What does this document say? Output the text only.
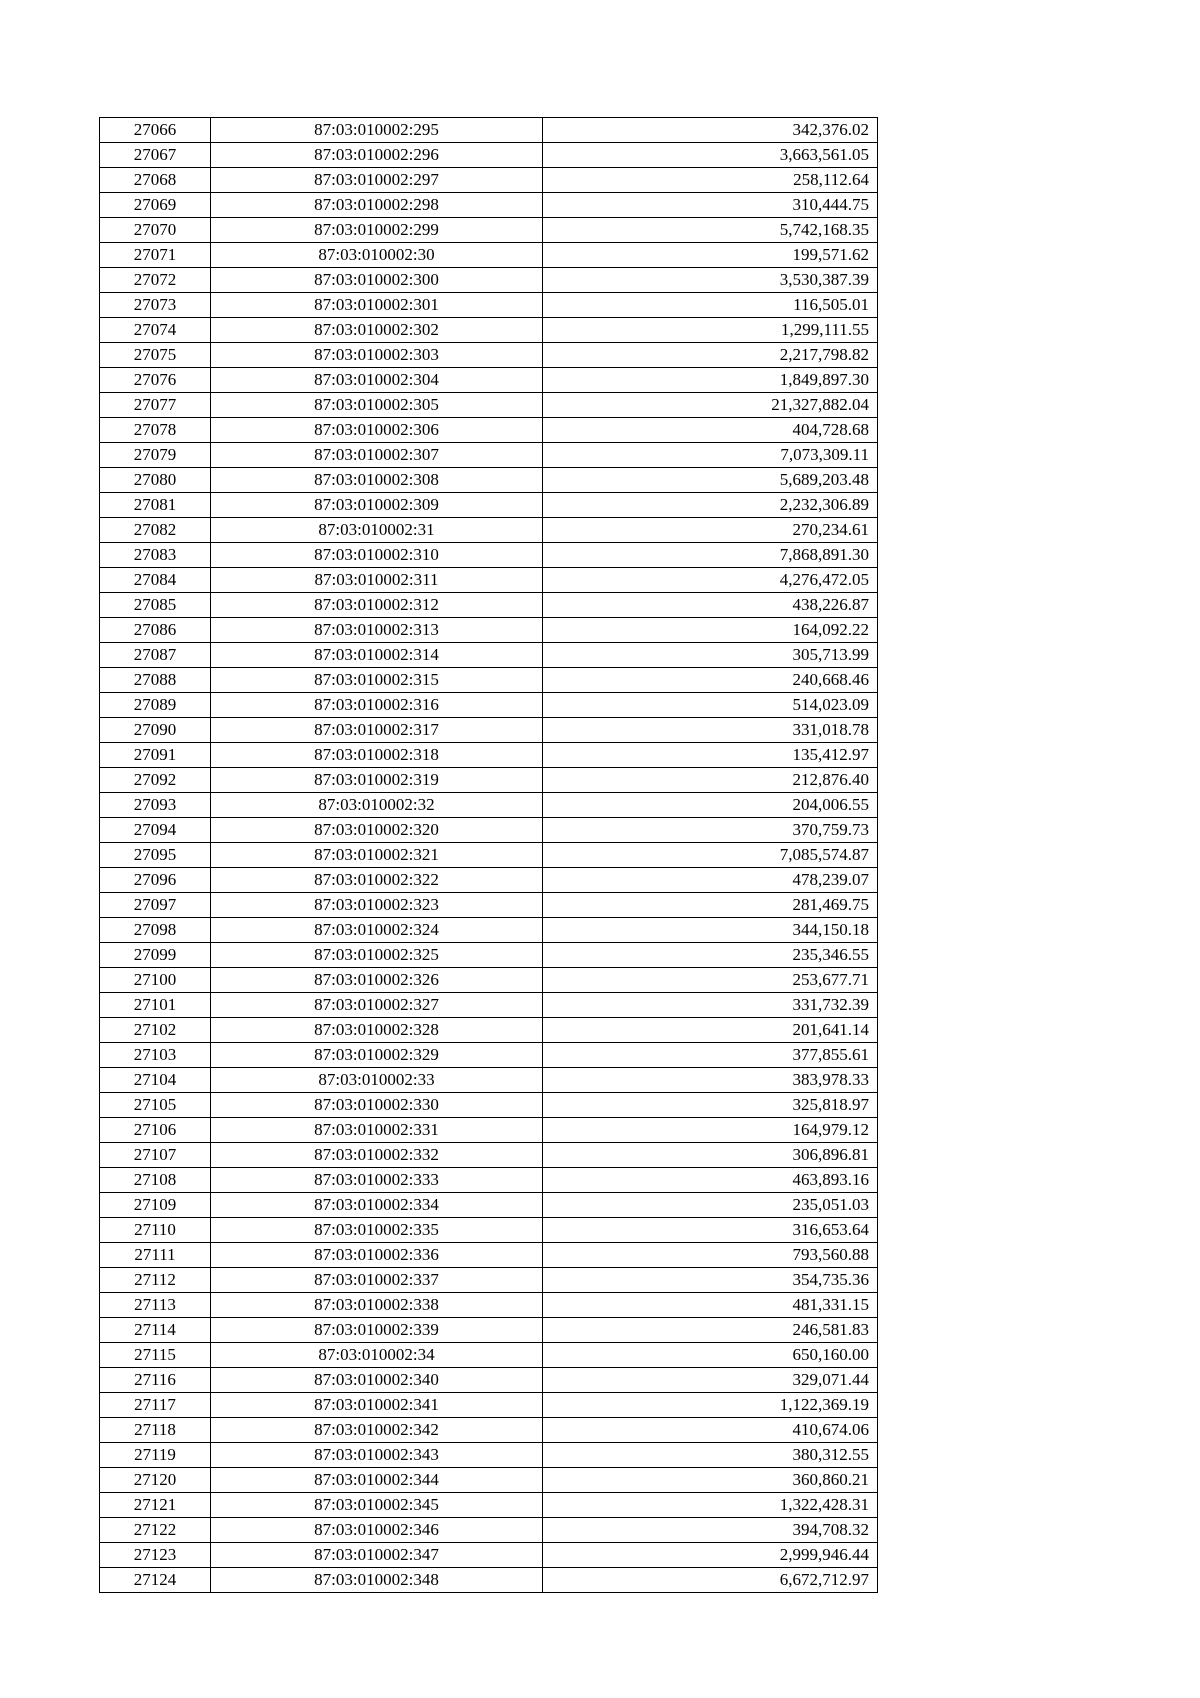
27066	87:03:010002:295	342,376.02
27067	87:03:010002:296	3,663,561.05
27068	87:03:010002:297	258,112.64
27069	87:03:010002:298	310,444.75
27070	87:03:010002:299	5,742,168.35
27071	87:03:010002:30	199,571.62
27072	87:03:010002:300	3,530,387.39
27073	87:03:010002:301	116,505.01
27074	87:03:010002:302	1,299,111.55
27075	87:03:010002:303	2,217,798.82
27076	87:03:010002:304	1,849,897.30
27077	87:03:010002:305	21,327,882.04
27078	87:03:010002:306	404,728.68
27079	87:03:010002:307	7,073,309.11
27080	87:03:010002:308	5,689,203.48
27081	87:03:010002:309	2,232,306.89
27082	87:03:010002:31	270,234.61
27083	87:03:010002:310	7,868,891.30
27084	87:03:010002:311	4,276,472.05
27085	87:03:010002:312	438,226.87
27086	87:03:010002:313	164,092.22
27087	87:03:010002:314	305,713.99
27088	87:03:010002:315	240,668.46
27089	87:03:010002:316	514,023.09
27090	87:03:010002:317	331,018.78
27091	87:03:010002:318	135,412.97
27092	87:03:010002:319	212,876.40
27093	87:03:010002:32	204,006.55
27094	87:03:010002:320	370,759.73
27095	87:03:010002:321	7,085,574.87
27096	87:03:010002:322	478,239.07
27097	87:03:010002:323	281,469.75
27098	87:03:010002:324	344,150.18
27099	87:03:010002:325	235,346.55
27100	87:03:010002:326	253,677.71
27101	87:03:010002:327	331,732.39
27102	87:03:010002:328	201,641.14
27103	87:03:010002:329	377,855.61
27104	87:03:010002:33	383,978.33
27105	87:03:010002:330	325,818.97
27106	87:03:010002:331	164,979.12
27107	87:03:010002:332	306,896.81
27108	87:03:010002:333	463,893.16
27109	87:03:010002:334	235,051.03
27110	87:03:010002:335	316,653.64
27111	87:03:010002:336	793,560.88
27112	87:03:010002:337	354,735.36
27113	87:03:010002:338	481,331.15
27114	87:03:010002:339	246,581.83
27115	87:03:010002:34	650,160.00
27116	87:03:010002:340	329,071.44
27117	87:03:010002:341	1,122,369.19
27118	87:03:010002:342	410,674.06
27119	87:03:010002:343	380,312.55
27120	87:03:010002:344	360,860.21
27121	87:03:010002:345	1,322,428.31
27122	87:03:010002:346	394,708.32
27123	87:03:010002:347	2,999,946.44
27124	87:03:010002:348	6,672,712.97
